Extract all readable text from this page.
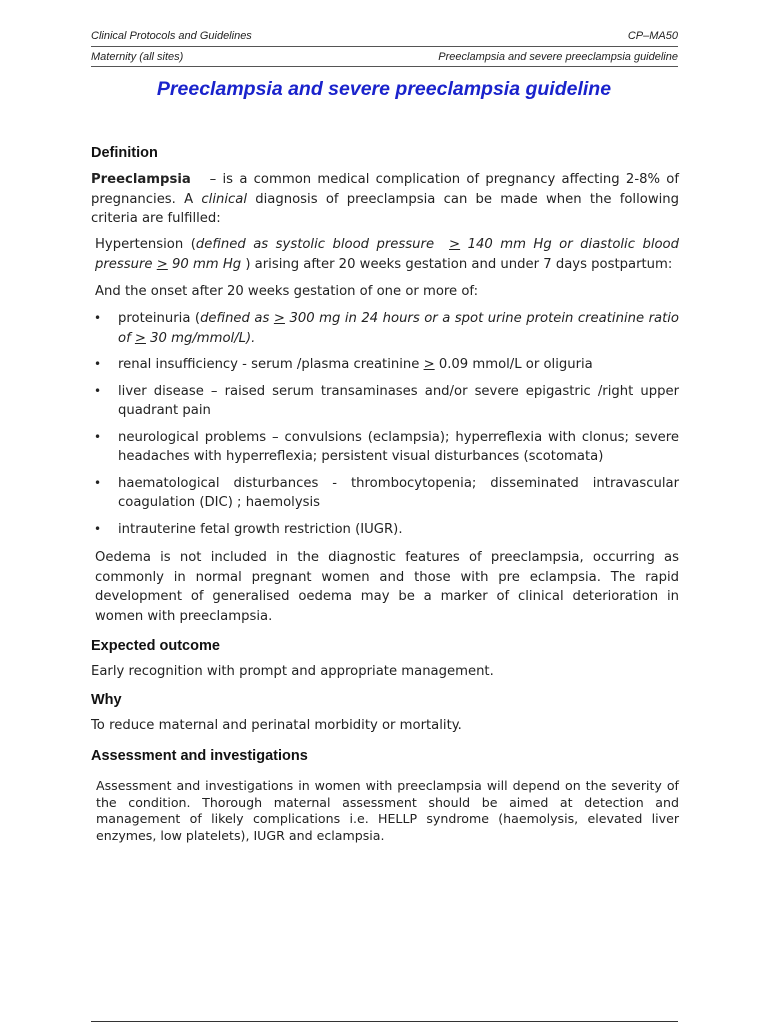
Clinical Protocols and Guidelines	CP–MA50
Maternity (all sites)	Preeclampsia and severe preeclampsia guideline
Preeclampsia and severe preeclampsia guideline
Definition

Preeclampsia   – is a common medical complication of pregnancy affecting 2-8% of pregnancies. A clinical diagnosis of preeclampsia can be made when the following criteria are fulfilled:

Hypertension (defined as systolic blood pressure  ≥ 140 mm Hg or diastolic blood pressure ≥ 90 mm Hg ) arising after 20 weeks gestation and under 7 days postpartum:

And the onset after 20 weeks gestation of one or more of:

• proteinuria (defined as ≥ 300 mg in 24 hours or a spot urine protein creatinine ratio of ≥ 30 mg/mmol/L).
• renal insufficiency - serum /plasma creatinine ≥ 0.09 mmol/L or oliguria
• liver disease – raised serum transaminases and/or severe epigastric /right upper quadrant pain
• neurological problems – convulsions (eclampsia); hyperreflexia with clonus; severe headaches with hyperreflexia; persistent visual disturbances (scotomata)
• haematological disturbances - thrombocytopenia; disseminated intravascular coagulation (DIC) ; haemolysis
• intrauterine fetal growth restriction (IUGR).

Oedema is not included in the diagnostic features of preeclampsia, occurring as commonly in normal pregnant women and those with pre eclampsia. The rapid development of generalised oedema may be a marker of clinical deterioration in women with preeclampsia.

Expected outcome

Early recognition with prompt and appropriate management.

Why

To reduce maternal and perinatal morbidity or mortality.

Assessment and investigations

Assessment and investigations in women with preeclampsia will depend on the severity of the condition. Thorough maternal assessment should be aimed at detection and management of likely complications i.e. HELLP syndrome (haemolysis, elevated liver enzymes, low platelets), IUGR and eclampsia.
